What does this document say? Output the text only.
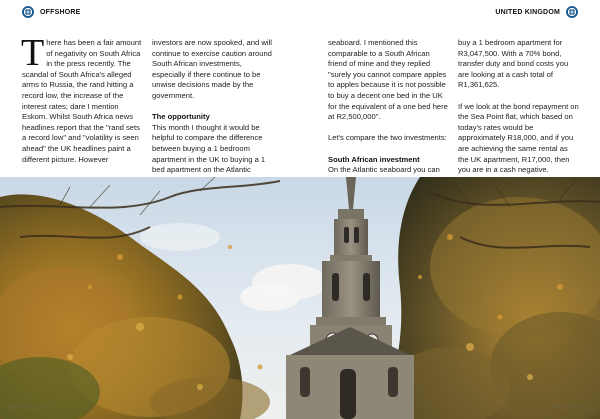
OFFSHORE	UNITED KINGDOM

T here has been a fair amount of negativity on South Africa in the press recently. The scandal of South Africa's alleged arms to Russia, the rand hitting a record low, the increase of the interest rates; dare I mention Eskom. Whilst South Africa news headlines report that the "rand sets a record low" and "volatility is seen ahead" the UK headlines paint a different picture. However

investors are now spooked, and will continue to exercise caution around South African investments, especially if there continue to be unwise decisions made by the government.

The opportunity

This month I thought it would be helpful to compare the difference between buying a 1 bedroom apartment in the UK to buying a 1 bed apartment on the Atlantic

seaboard. I mentioned this comparable to a South African friend of mine and they replied "surely you cannot compare apples to apples because it is not possible to buy a decent one bed in the UK for the equivalent of a one bed here at R2,500,000".

Let's compare the two investments:

South African investment

On the Atlantic seaboard you can

buy a 1 bedroom apartment for R3,047,500. With a 70% bond, transfer duty and bond costs you are looking at a cash total of R1,361,625.

If we look at the bond repayment on the Sea Point flat, which based on today's rates would be approximately R18,000, and if you are achieving the same rental as the UK apartment, R17,000, then you are in a cash negative.

APRIL/MAY 2023	APRIL/MAY 2023
